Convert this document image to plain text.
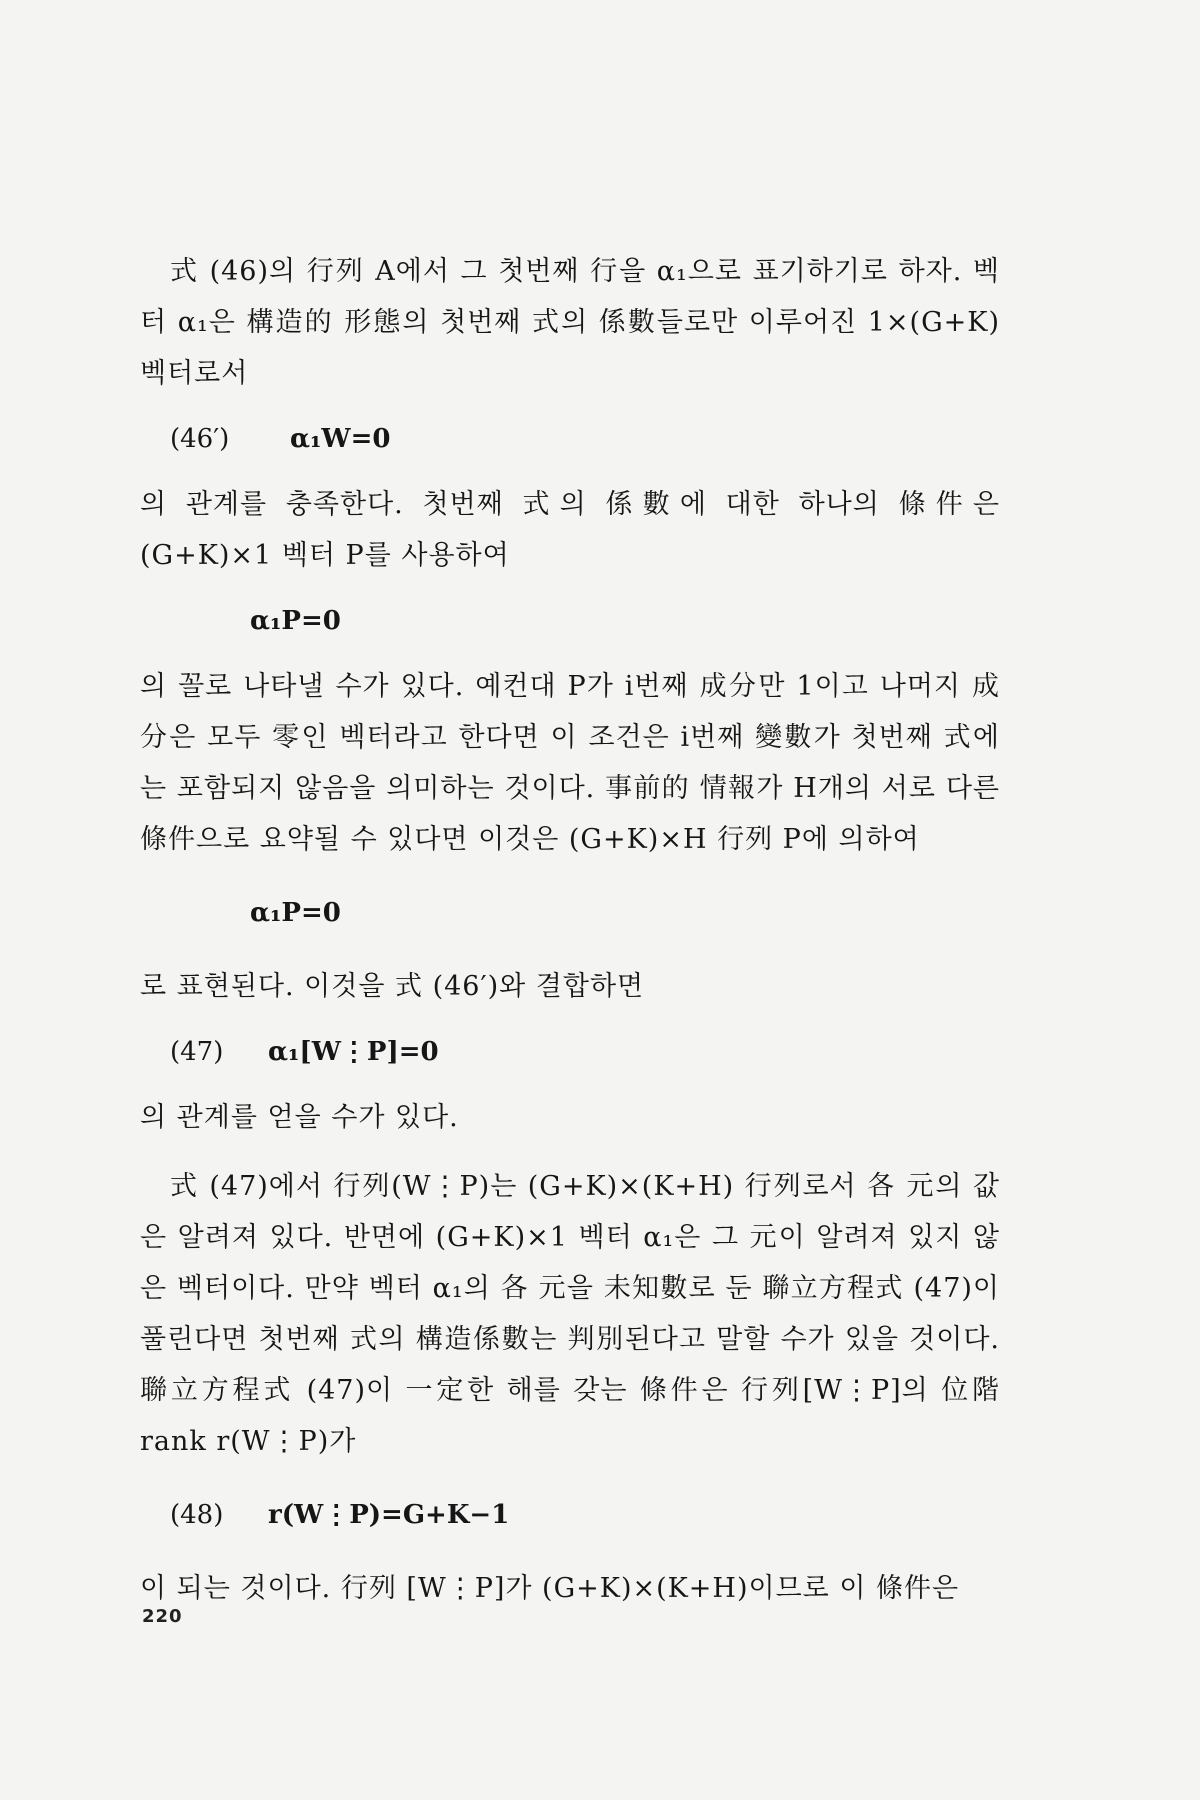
式 (46)의 行列 A에서 그 첫번째 行을 α₁으로 표기하기로 하자. 벡터 α₁은 構造的 形態의 첫번째 式의 係數들로만 이루어진 1×(G+K) 벡터로서

(46′) α₁W=0

의 관계를 충족한다. 첫번째 式의 係數에 대한 하나의 條件은 (G+K)×1 벡터 P를 사용하여

α₁P=0

의 꼴로 나타낼 수가 있다. 예컨대 P가 i번째 成分만 1이고 나머지 成分은 모두 零인 벡터라고 한다면 이 조건은 i번째 變數가 첫번째 式에는 포함되지 않음을 의미하는 것이다. 事前的 情報가 H개의 서로 다른 條件으로 요약될 수 있다면 이것은 (G+K)×H 行列 P에 의하여

α₁P=0

로 표현된다. 이것을 式 (46′)와 결합하면

(47) α₁[W⋮P]=0

의 관계를 얻을 수가 있다.

式 (47)에서 行列(W⋮P)는 (G+K)×(K+H) 行列로서 各 元의 값은 알려져 있다. 반면에 (G+K)×1 벡터 α₁은 그 元이 알려져 있지 않은 벡터이다. 만약 벡터 α₁의 各 元을 未知數로 둔 聯立方程式 (47)이 풀린다면 첫번째 式의 構造係數는 判別된다고 말할 수가 있을 것이다. 聯立方程式 (47)이 一定한 해를 갖는 條件은 行列[W⋮P]의 位階 rank r(W⋮P)가

(48) r(W⋮P)=G+K−1

이 되는 것이다. 行列 [W⋮P]가 (G+K)×(K+H)이므로 이 條件은

220
